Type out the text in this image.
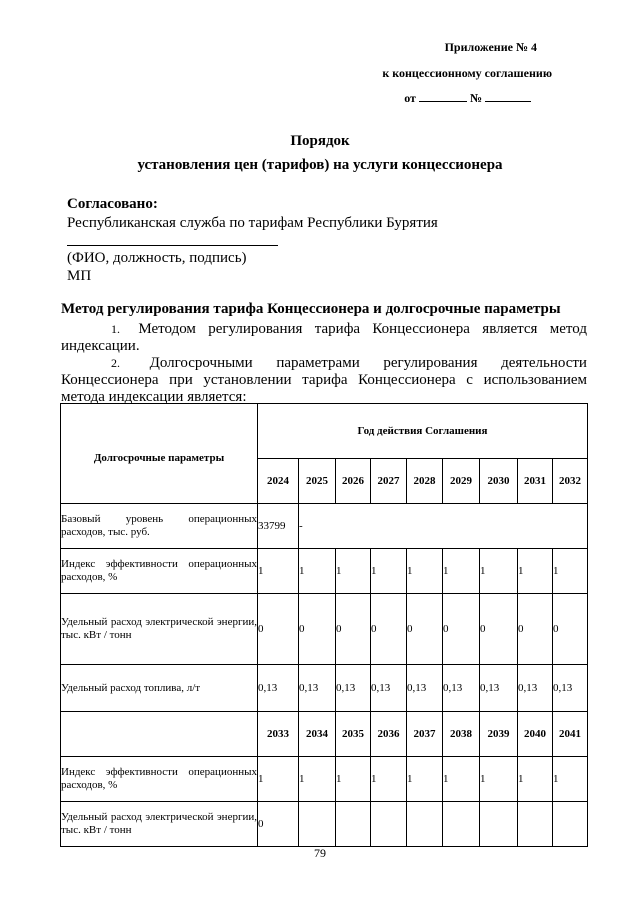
Приложение № 4
к концессионному соглашению
от	№
Порядок
установления цен (тарифов) на услуги концессионера
Согласовано:
Республиканская служба по тарифам Республики Бурятия
(ФИО, должность, подпись)
МП
Метод регулирования тарифа Концессионера и долгосрочные параметры
1.	Методом регулирования тарифа Концессионера является метод
индексации.
2.	Долгосрочными параметрами регулирования деятельности
Концессионера при установлении тарифа Концессионера с использованием
метода индексации является:
Долгосрочные параметры	Год действия Соглашения								
	2024	2025	2026	2027	2028	2029	2030	2031	2032
Базовый уровень операционных расходов, тыс. руб.	33799	-							
Индекс эффективности операционных расходов, %	1	1	1	1	1	1	1	1	1
Удельный расход электрической энергии, тыс. кВт / тонн	0	0	0	0	0	0	0	0	0
Удельный расход топлива, л/т	0,13	0,13	0,13	0,13	0,13	0,13	0,13	0,13	0,13
	2033	2034	2035	2036	2037	2038	2039	2040	2041
Индекс эффективности операционных расходов, %	1	1	1	1	1	1	1	1	1
Удельный расход электрической энергии, тыс. кВт / тонн	0								
79
